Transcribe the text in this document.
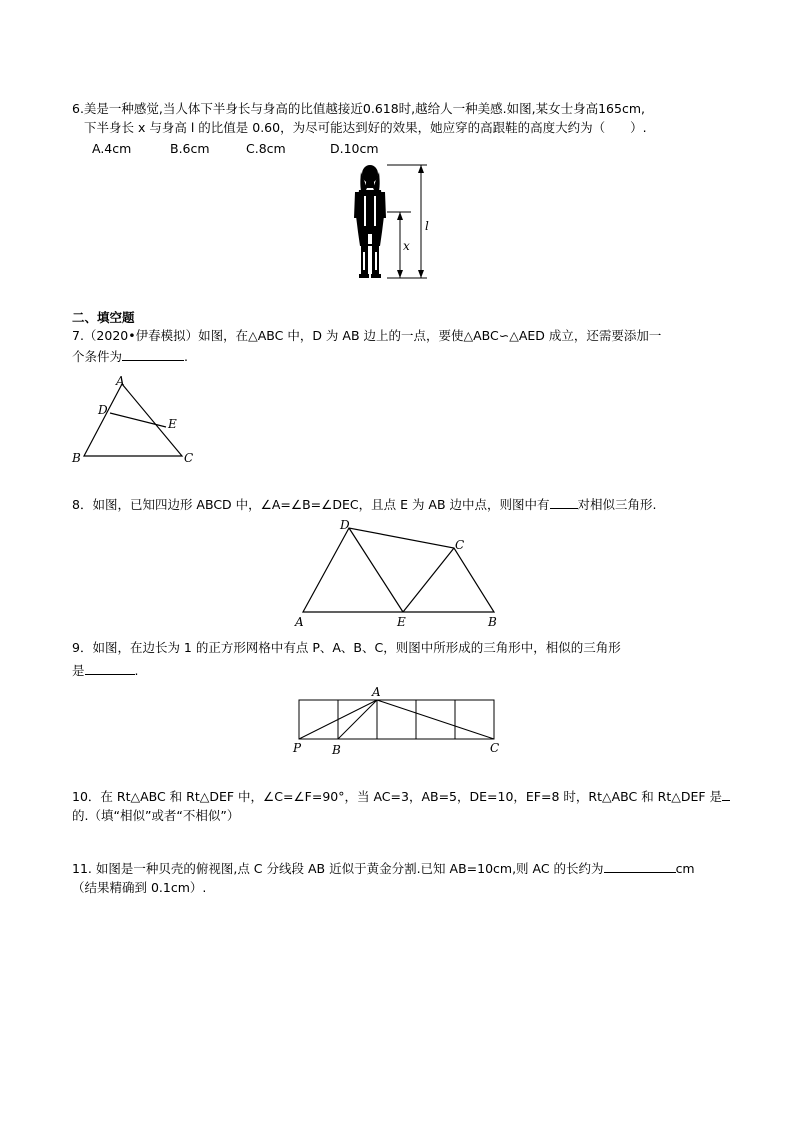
6.美是一种感觉,当人体下半身长与身高的比值越接近0.618时,越给人一种美感.如图,某女士身高165cm,
下半身长 x 与身高 l 的比值是 0.60，为尽可能达到好的效果，她应穿的高跟鞋的高度大约为（　　）.
A.4cm	B.6cm	C.8cm	D.10cm
l
x
二、填空题
7.（2020•伊春模拟）如图，在△ABC 中，D 为 AB 边上的一点，要使△ABC∽△AED 成立，还需要添加一
个条件为	.
A
B	C
D
E
8．如图，已知四边形 ABCD 中，∠A=∠B=∠DEC，且点 E 为 AB 边中点，则图中有 对相似三角形.
D
C
A	E	B
9．如图，在边长为 1 的正方形网格中有点 P、A、B、C，则图中所形成的三角形中，相似的三角形
是	.
A
P	B	C
10．在 Rt△ABC 和 Rt△DEF 中，∠C=∠F=90°，当 AC=3，AB=5，DE=10，EF=8 时，Rt△ABC 和 Rt△DEF 是
的.（填“相似”或者“不相似”）
11. 如图是一种贝壳的俯视图,点 C 分线段 AB 近似于黄金分割.已知 AB=10cm,则 AC 的长约为	cm
（结果精确到 0.1cm）.
